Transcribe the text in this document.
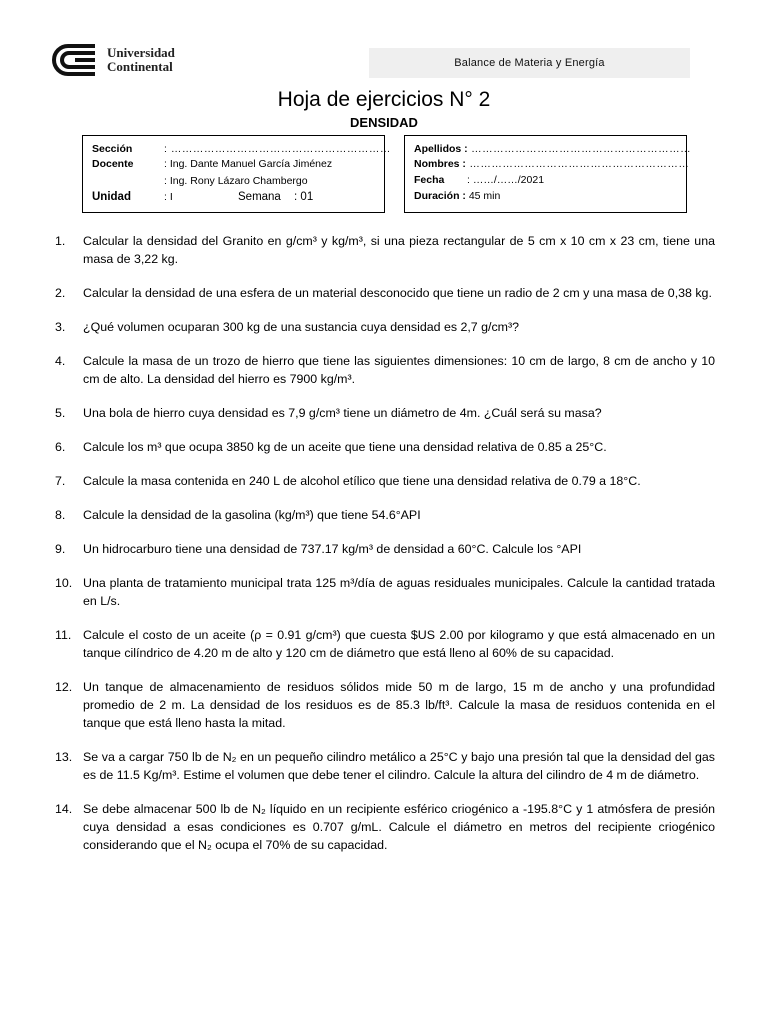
Universidad
Continental	Balance de Materia y Energía
Hoja de ejercicios N° 2
DENSIDAD
Sección	: ……………………………………………………
Docente	: Ing. Dante Manuel García Jiménez
: Ing. Rony Lázaro Chambergo
Unidad	: I	Semana : 01
Apellidos : ……………………………………………………
Nombres : ……………………………………………………
Fecha : ……/……/2021
Duración : 45 min
1.	Calcular la densidad del Granito en g/cm³ y kg/m³, si una pieza rectangular de 5 cm x 10 cm x 23 cm, tiene una masa de 3,22 kg.
2.	Calcular la densidad de una esfera de un material desconocido que tiene un radio de 2 cm y una masa de 0,38 kg.
3.	¿Qué volumen ocuparan 300 kg de una sustancia cuya densidad es 2,7 g/cm³?
4.	Calcule la masa de un trozo de hierro que tiene las siguientes dimensiones: 10 cm de largo, 8 cm de ancho y 10 cm de alto. La densidad del hierro es 7900 kg/m³.
5.	Una bola de hierro cuya densidad es 7,9 g/cm³ tiene un diámetro de 4m. ¿Cuál será su masa?
6.	Calcule los m³ que ocupa 3850 kg de un aceite que tiene una densidad relativa de 0.85 a 25°C.
7.	Calcule la masa contenida en 240 L de alcohol etílico que tiene una densidad relativa de 0.79 a 18°C.
8.	Calcule la densidad de la gasolina (kg/m³) que tiene 54.6°API
9.	Un hidrocarburo tiene una densidad de 737.17 kg/m³ de densidad a 60°C. Calcule los °API
10. Una planta de tratamiento municipal trata 125 m³/día de aguas residuales municipales. Calcule la cantidad tratada en L/s.
11. Calcule el costo de un aceite (ρ = 0.91 g/cm³) que cuesta $US 2.00 por kilogramo y que está almacenado en un tanque cilíndrico de 4.20 m de alto y 120 cm de diámetro que está lleno al 60% de su capacidad.
12. Un tanque de almacenamiento de residuos sólidos mide 50 m de largo, 15 m de ancho y una profundidad promedio de 2 m. La densidad de los residuos es de 85.3 lb/ft³. Calcule la masa de residuos contenida en el tanque que está lleno hasta la mitad.
13. Se va a cargar 750 lb de N₂ en un pequeño cilindro metálico a 25°C y bajo una presión tal que la densidad del gas es de 11.5 Kg/m³. Estime el volumen que debe tener el cilindro. Calcule la altura del cilindro de 4 m de diámetro.
14. Se debe almacenar 500 lb de N₂ líquido en un recipiente esférico criogénico a -195.8°C y 1 atmósfera de presión cuya densidad a esas condiciones es 0.707 g/mL. Calcule el diámetro en metros del recipiente criogénico considerando que el N₂ ocupa el 70% de su capacidad.
